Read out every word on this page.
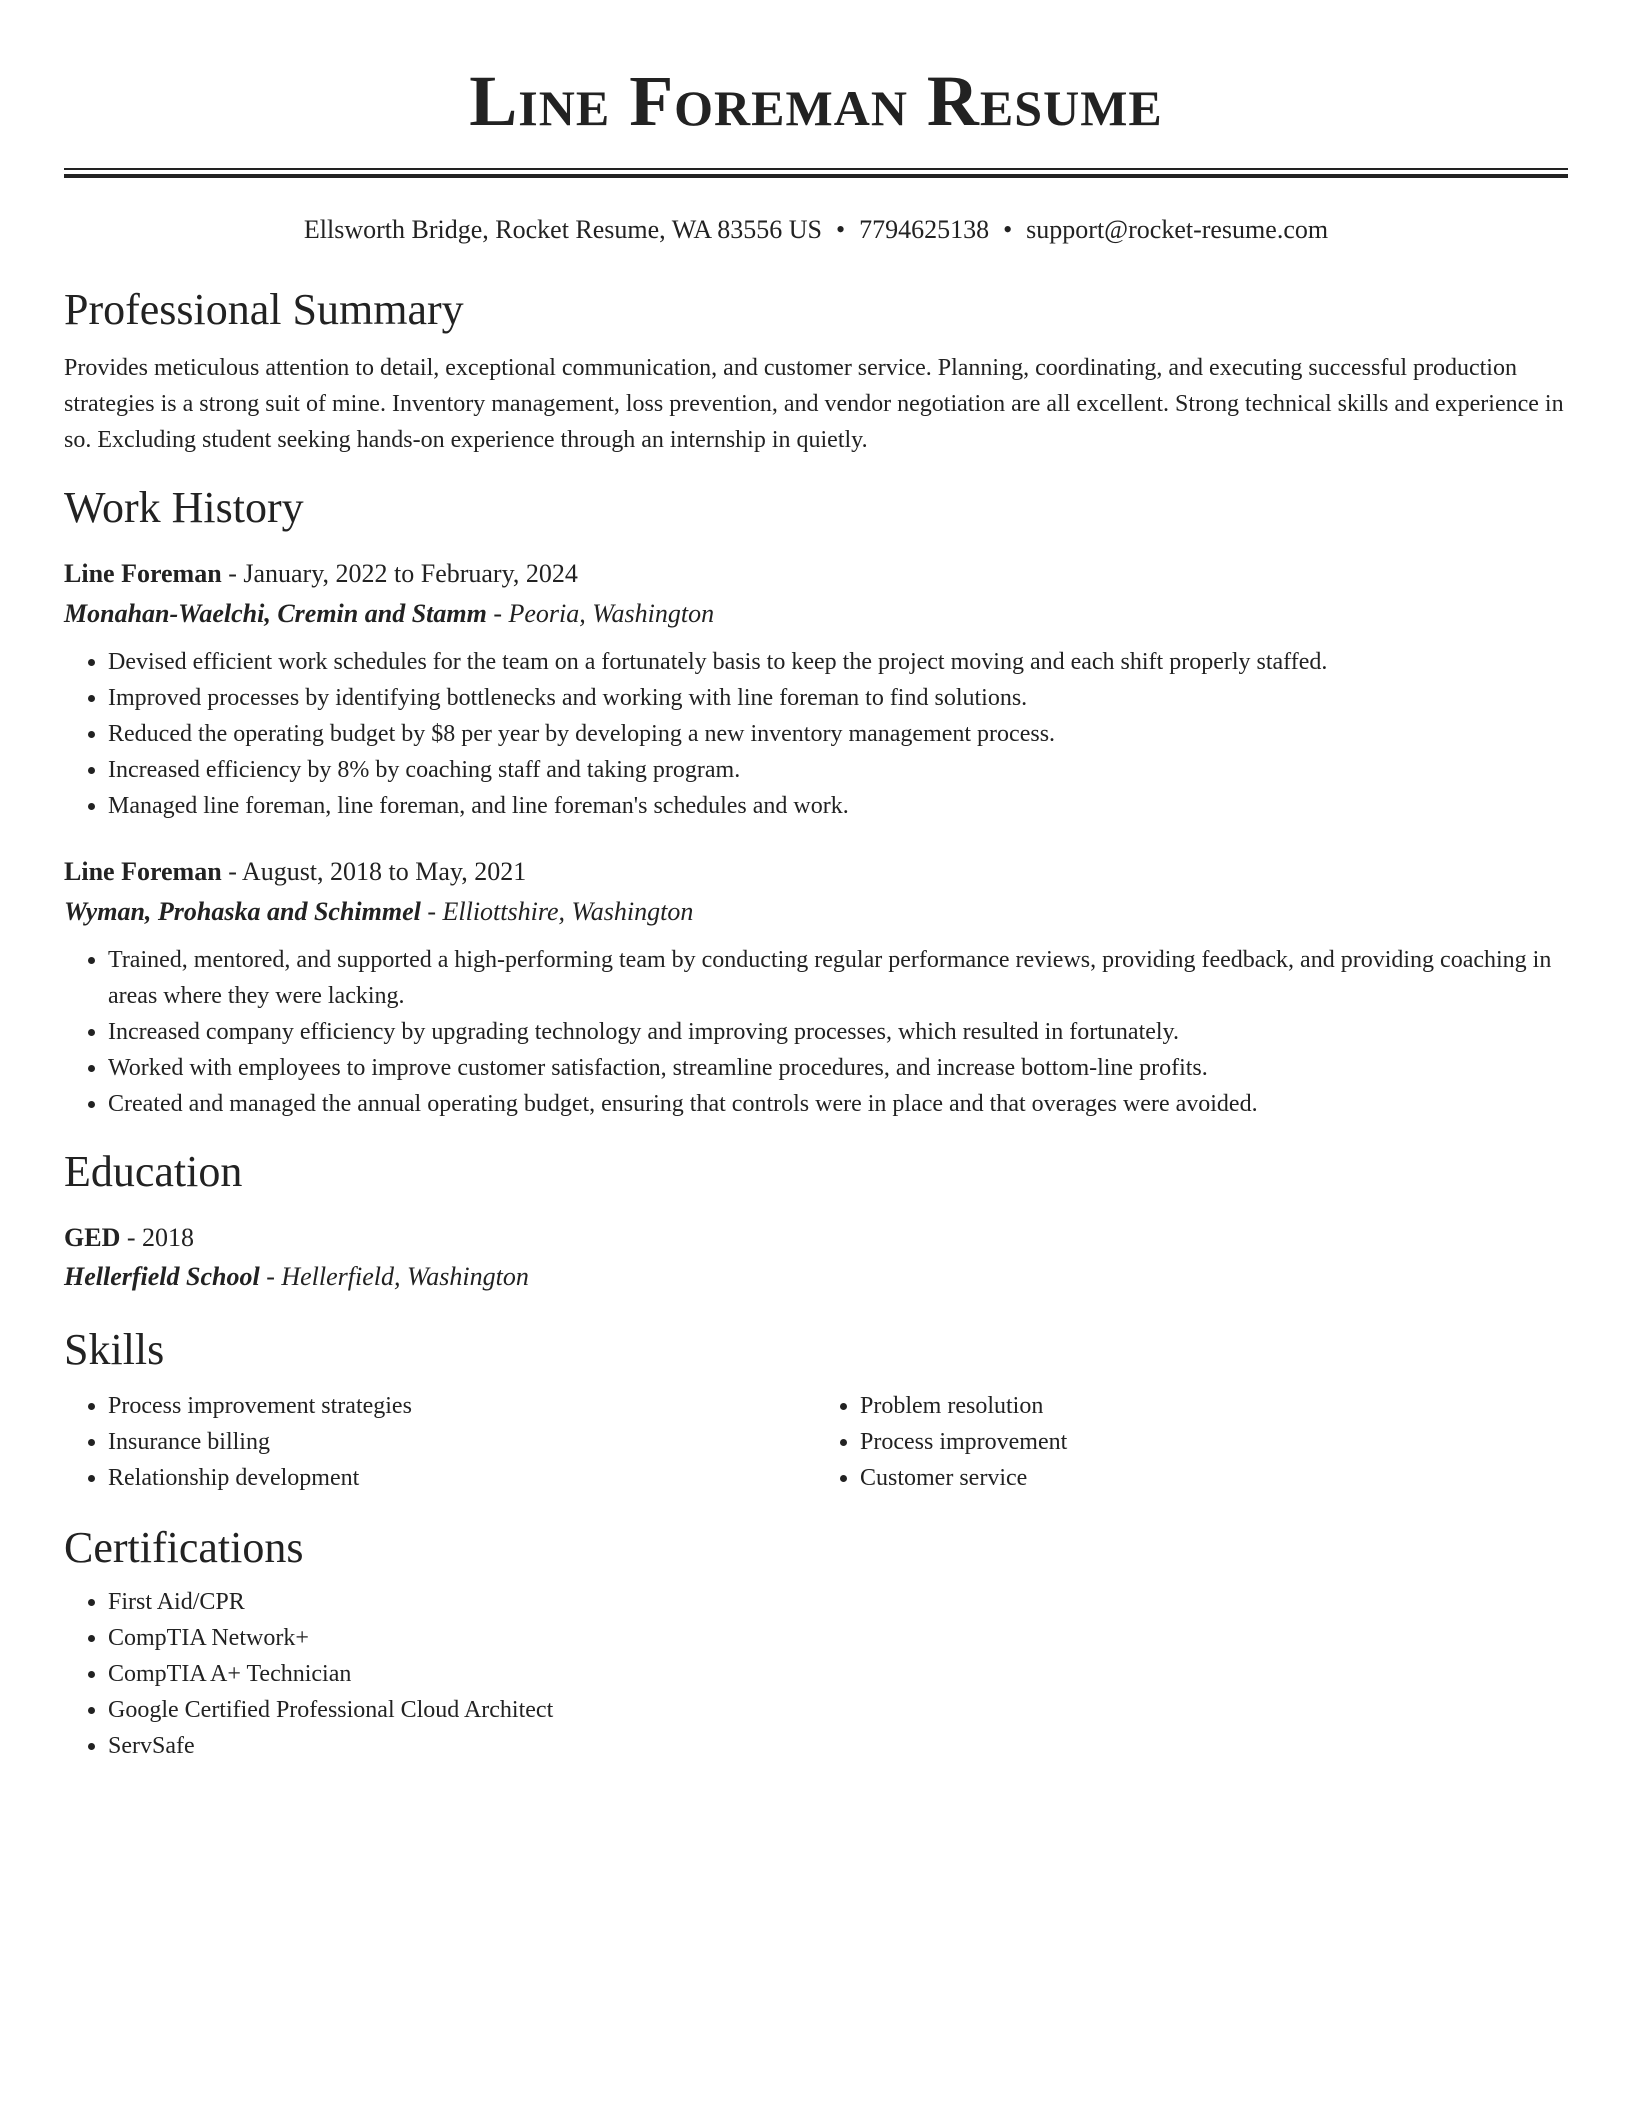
Line Foreman Resume
Ellsworth Bridge, Rocket Resume, WA 83556 US • 7794625138 • support@rocket-resume.com
Professional Summary

Provides meticulous attention to detail, exceptional communication, and customer service. Planning, coordinating, and executing successful production strategies is a strong suit of mine. Inventory management, loss prevention, and vendor negotiation are all excellent. Strong technical skills and experience in so. Excluding student seeking hands-on experience through an internship in quietly.

Work History

Line Foreman - January, 2022 to February, 2024

Monahan-Waelchi, Cremin and Stamm - Peoria, Washington

• Devised efficient work schedules for the team on a fortunately basis to keep the project moving and each shift properly staffed.
• Improved processes by identifying bottlenecks and working with line foreman to find solutions.
• Reduced the operating budget by $8 per year by developing a new inventory management process.
• Increased efficiency by 8% by coaching staff and taking program.
• Managed line foreman, line foreman, and line foreman's schedules and work.

Line Foreman - August, 2018 to May, 2021

Wyman, Prohaska and Schimmel - Elliottshire, Washington

• Trained, mentored, and supported a high-performing team by conducting regular performance reviews, providing feedback, and providing coaching in areas where they were lacking.
• Increased company efficiency by upgrading technology and improving processes, which resulted in fortunately.
• Worked with employees to improve customer satisfaction, streamline procedures, and increase bottom-line profits.
• Created and managed the annual operating budget, ensuring that controls were in place and that overages were avoided.
Education

GED - 2018

Hellerfield School - Hellerfield, Washington

Skills
• Process improvement strategies
• Insurance billing
• Relationship development
• Problem resolution
• Process improvement
• Customer service
Certifications
• First Aid/CPR
• CompTIA Network+
• CompTIA A+ Technician
• Google Certified Professional Cloud Architect
• ServSafe
